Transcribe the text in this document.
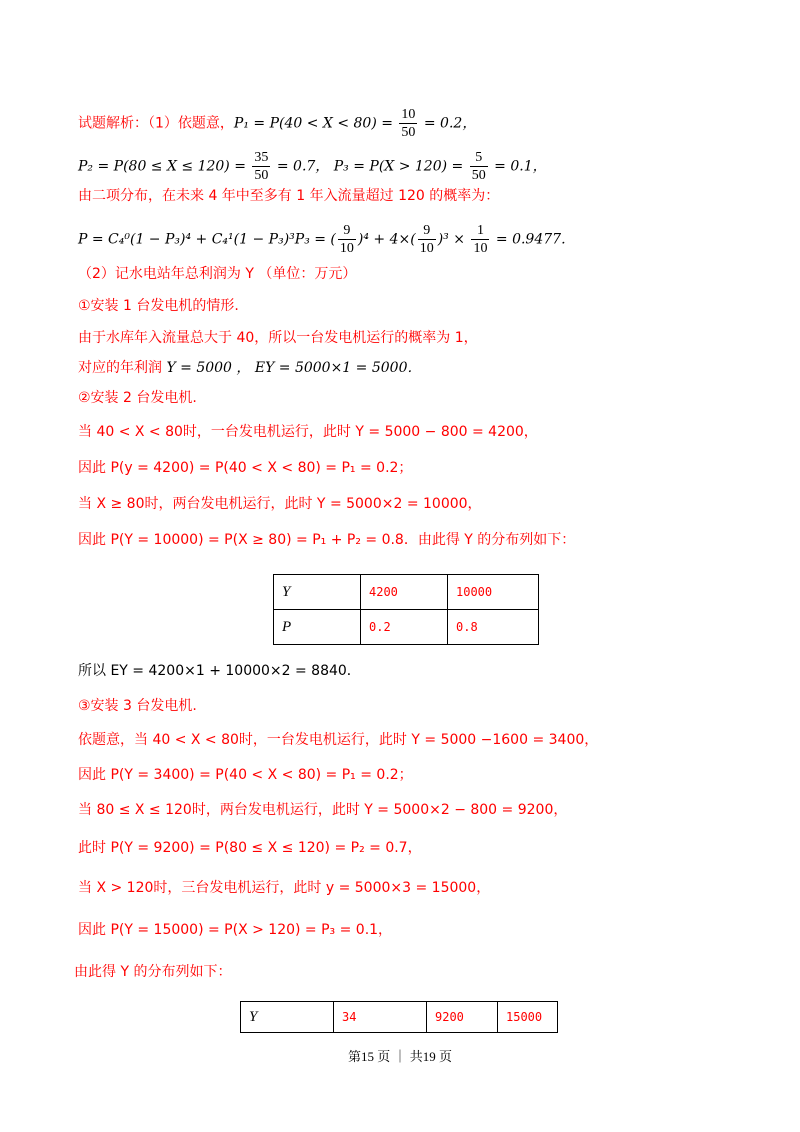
试题解析：（1）依题意，$P_1 = P(40 < X < 80) = \frac{10}{50} = 0.2$，
$P_2 = P(80 \le X \le 120) = \frac{35}{50} = 0.7$， $P_3 = P(X > 120) = \frac{5}{50} = 0.1$，
由二项分布，在未来 4 年中至多有 1 年入流量超过 120 的概率为：
P = C₄⁰(1 − P₃)⁴ + C₄¹(1 − P₃)³P₃ = ( $\frac{9}{10} )^4 + 4\times( \frac{9}{10} )^3 \times \frac{1}{10} = 0.9477$．
（2）记水电站年总利润为 Y （单位：万元）
①安装 1 台发电机的情形.
由于水库年入流量总大于 40，所以一台发电机运行的概率为 1，
对应的年利润 Y = 5000 ， EY = 5000×1 = 5000．
②安装 2 台发电机.
当 40 < X < 80时，一台发电机运行，此时 Y = 5000 − 800 = 4200，
因此 P(y = 4200) = P(40 < X < 80) = P₁ = 0.2；
当 X ≥ 80时，两台发电机运行，此时 Y = 5000×2 = 10000，
因此 P(Y = 10000) = P(X ≥ 80) = P₁ + P₂ = 0.8．由此得 Y 的分布列如下：
Y	4200	10000
P	0.2	0.8
所以 EY = 4200×1 + 10000×2 = 8840．
③安装 3 台发电机.
依题意，当 40 < X < 80时，一台发电机运行，此时 Y = 5000 −1600 = 3400，
因此 P(Y = 3400) = P(40 < X < 80) = P₁ = 0.2；
当 80 ≤ X ≤ 120时，两台发电机运行，此时 Y = 5000×2 − 800 = 9200，
此时 P(Y = 9200) = P(80 ≤ X ≤ 120) = P₂ = 0.7，
当 X > 120时，三台发电机运行，此时 y = 5000×3 = 15000，
因此 P(Y = 15000) = P(X > 120) = P₃ = 0.1，
由此得 Y 的分布列如下：
Y	34	9200	15000
第15 页 ｜ 共19 页
